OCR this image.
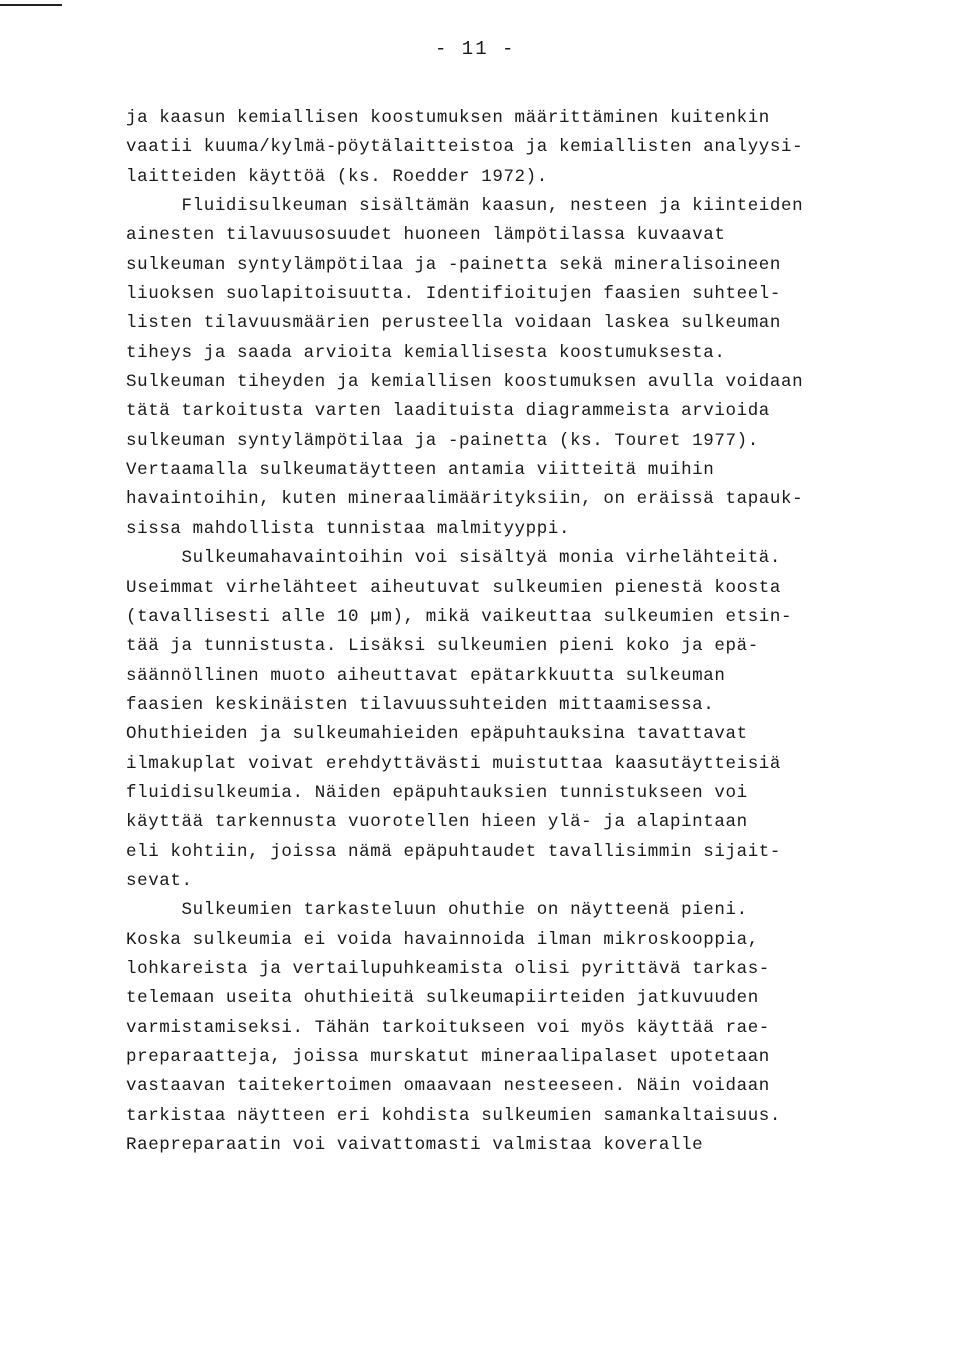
- 11 -
ja kaasun kemiallisen koostumuksen määrittäminen kuitenkin
vaatii kuuma/kylmä-pöytälaitteistoa ja kemiallisten analyysi-
laitteiden käyttöä (ks. Roedder 1972).
Fluidisulkeuman sisältämän kaasun, nesteen ja kiinteiden
ainesten tilavuusosuudet huoneen lämpötilassa kuvaavat
sulkeuman syntylämpötilaa ja -painetta sekä mineralisoineen
liuoksen suolapitoisuutta. Identifioitujen faasien suhteel-
listen tilavuusmäärien perusteella voidaan laskea sulkeuman
tiheys ja saada arvioita kemiallisesta koostumuksesta.
Sulkeuman tiheyden ja kemiallisen koostumuksen avulla voidaan
tätä tarkoitusta varten laadituista diagrammeista arvioida
sulkeuman syntylämpötilaa ja -painetta (ks. Touret 1977).
Vertaamalla sulkeumatäytteen antamia viitteitä muihin
havaintoihin, kuten mineraalimäärityksiin, on eräissä tapauk-
sissa mahdollista tunnistaa malmityyppi.
Sulkeumahavaintoihin voi sisältyä monia virhelähteitä.
Useimmat virhelähteet aiheutuvat sulkeumien pienestä koosta
(tavallisesti alle 10 µm), mikä vaikeuttaa sulkeumien etsin-
tää ja tunnistusta. Lisäksi sulkeumien pieni koko ja epä-
säännöllinen muoto aiheuttavat epätarkkuutta sulkeuman
faasien keskinäisten tilavuussuhteiden mittaamisessa.
Ohuthieiden ja sulkeumahieiden epäpuhtauksina tavattavat
ilmakuplat voivat erehdyttävästi muistuttaa kaasutäytteisiä
fluidisulkeumia. Näiden epäpuhtauksien tunnistukseen voi
käyttää tarkennusta vuorotellen hieen ylä- ja alapintaan
eli kohtiin, joissa nämä epäpuhtaudet tavallisimmin sijait-
sevat.
Sulkeumien tarkasteluun ohuthie on näytteenä pieni.
Koska sulkeumia ei voida havainnoida ilman mikroskooppia,
lohkareista ja vertailupuhkeamista olisi pyrittävä tarkas-
telemaan useita ohuthieitä sulkeumapiirteiden jatkuvuuden
varmistamiseksi. Tähän tarkoitukseen voi myös käyttää rae-
preparaatteja, joissa murskatut mineraalipalaset upotetaan
vastaavan taitekertoimen omaavaan nesteeseen. Näin voidaan
tarkistaa näytteen eri kohdista sulkeumien samankaltaisuus.
Raepreparaatin voi vaivattomasti valmistaa koveralle
